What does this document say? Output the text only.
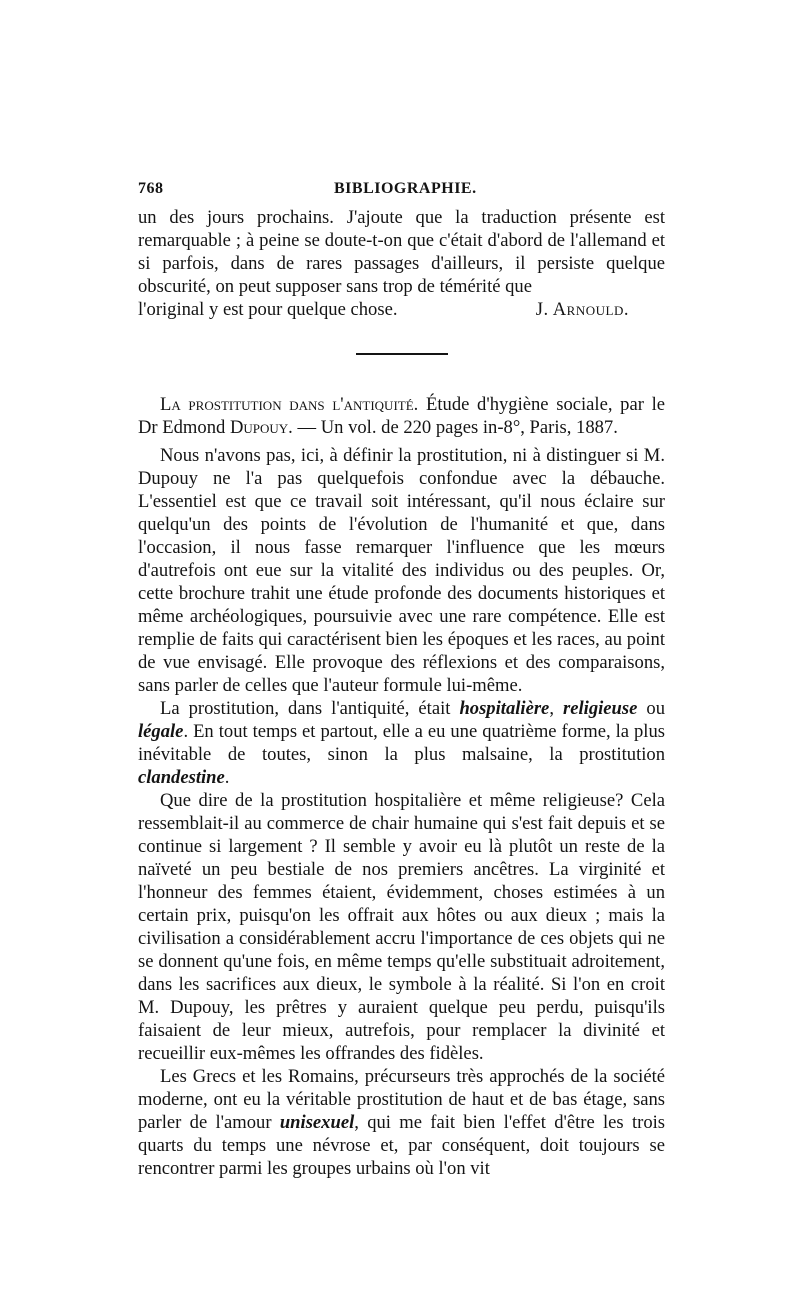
768	BIBLIOGRAPHIE.

un des jours prochains. J'ajoute que la traduction présente est remarquable ; à peine se doute-t-on que c'était d'abord de l'allemand et si parfois, dans de rares passages d'ailleurs, il persiste quelque obscurité, on peut supposer sans trop de témérité que

l'original y est pour quelque chose.	J. Arnould.

La prostitution dans l'antiquité. Étude d'hygiène sociale, par le Dr Edmond Dupouy. — Un vol. de 220 pages in-8°, Paris, 1887.

Nous n'avons pas, ici, à définir la prostitution, ni à distinguer si M. Dupouy ne l'a pas quelquefois confondue avec la débauche. L'essentiel est que ce travail soit intéressant, qu'il nous éclaire sur quelqu'un des points de l'évolution de l'humanité et que, dans l'occasion, il nous fasse remarquer l'influence que les mœurs d'autrefois ont eue sur la vitalité des individus ou des peuples. Or, cette brochure trahit une étude profonde des documents historiques et même archéologiques, poursuivie avec une rare compétence. Elle est remplie de faits qui caractérisent bien les époques et les races, au point de vue envisagé. Elle provoque des réflexions et des comparaisons, sans parler de celles que l'auteur formule lui-même.

La prostitution, dans l'antiquité, était hospitalière, religieuse ou légale. En tout temps et partout, elle a eu une quatrième forme, la plus inévitable de toutes, sinon la plus malsaine, la prostitution clandestine.

Que dire de la prostitution hospitalière et même religieuse? Cela ressemblait-il au commerce de chair humaine qui s'est fait depuis et se continue si largement ? Il semble y avoir eu là plutôt un reste de la naïveté un peu bestiale de nos premiers ancêtres. La virginité et l'honneur des femmes étaient, évidemment, choses estimées à un certain prix, puisqu'on les offrait aux hôtes ou aux dieux ; mais la civilisation a considérablement accru l'importance de ces objets qui ne se donnent qu'une fois, en même temps qu'elle substituait adroitement, dans les sacrifices aux dieux, le symbole à la réalité. Si l'on en croit M. Dupouy, les prêtres y auraient quelque peu perdu, puisqu'ils faisaient de leur mieux, autrefois, pour remplacer la divinité et recueillir eux-mêmes les offrandes des fidèles.

Les Grecs et les Romains, précurseurs très approchés de la société moderne, ont eu la véritable prostitution de haut et de bas étage, sans parler de l'amour unisexuel, qui me fait bien l'effet d'être les trois quarts du temps une névrose et, par conséquent, doit toujours se rencontrer parmi les groupes urbains où l'on vit
